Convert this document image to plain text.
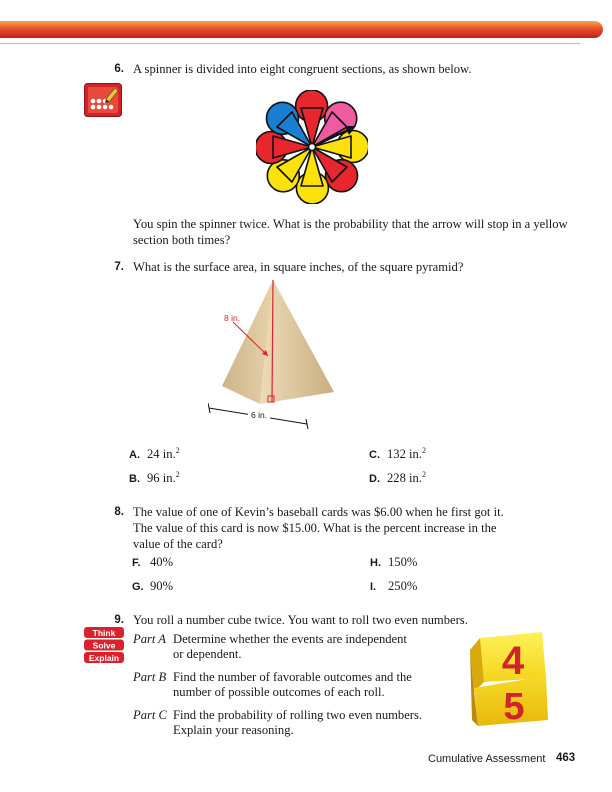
6. A spinner is divided into eight congruent sections, as shown below.
You spin the spinner twice. What is the probability that the arrow will stop in a yellow section both times?
7. What is the surface area, in square inches, of the square pyramid?
8 in.
6 in.
A. 24 in.$^2$
B. 96 in.$^2$
C. 132 in.$^2$
D. 228 in.$^2$
8. The value of one of Kevin’s baseball cards was $6.00 when he first got it.
The value of this card is now $15.00. What is the percent increase in the
value of the card?
F. 40%
G. 90%
H. 150%
I. 250%
9. You roll a number cube twice. You want to roll two even numbers.
Think
Solve
Explain
Part A Determine whether the events are independent
or dependent.
Part B Find the number of favorable outcomes and the
number of possible outcomes of each roll.
Part C Find the probability of rolling two even numbers.
Explain your reasoning.
4
5
Cumulative Assessment 463
